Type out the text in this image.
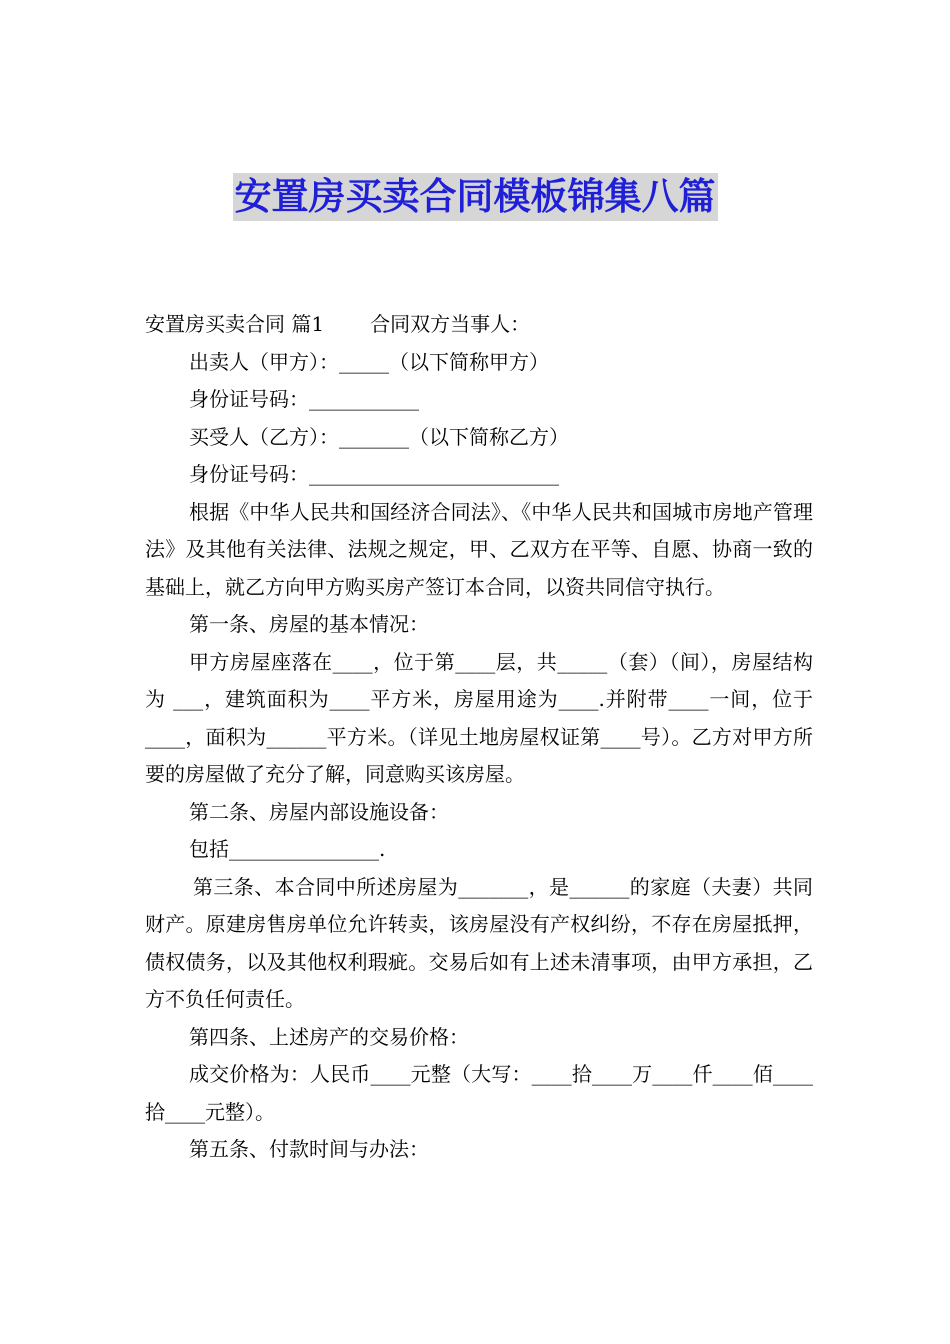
安置房买卖合同模板锦集八篇
安置房买卖合同 篇1 合同双方当事人：
出卖人（甲方）：_____（以下简称甲方）
身份证号码：___________
买受人（乙方）：_______（以下简称乙方）
身份证号码：_________________________
根据《中华人民共和国经济合同法》、《中华人民共和国城市房地产管理法》及其他有关法律、法规之规定，甲、乙双方在平等、自愿、协商一致的基础上，就乙方向甲方购买房产签订本合同，以资共同信守执行。
第一条、房屋的基本情况：
甲方房屋座落在____，位于第____层，共_____（套）（间），房屋结构为 ___，建筑面积为____平方米，房屋用途为____.并附带____一间，位于____，面积为______平方米。（详见土地房屋权证第____号）。乙方对甲方所要的房屋做了充分了解，同意购买该房屋。
第二条、房屋内部设施设备：
包括_______________.
第三条、本合同中所述房屋为_______，是______的家庭（夫妻）共同财产。原建房售房单位允许转卖，该房屋没有产权纠纷，不存在房屋抵押，债权债务，以及其他权利瑕疵。交易后如有上述未清事项，由甲方承担，乙方不负任何责任。
第四条、上述房产的交易价格：
成交价格为：人民币____元整（大写：____拾____万____仟____佰____拾____元整）。
第五条、付款时间与办法：
